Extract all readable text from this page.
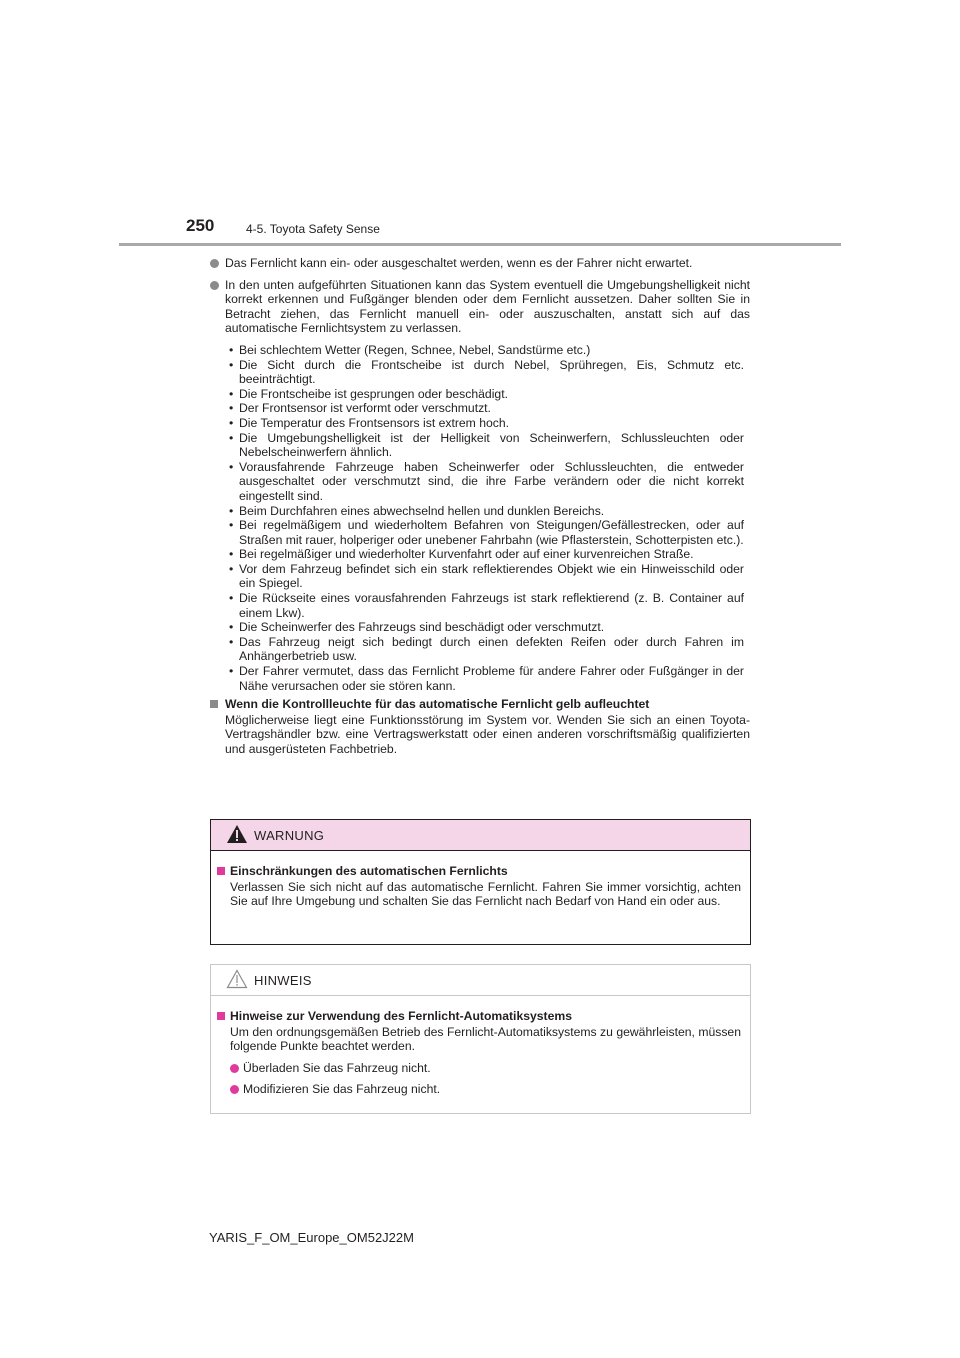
250	4-5. Toyota Safety Sense
Das Fernlicht kann ein- oder ausgeschaltet werden, wenn es der Fahrer nicht erwartet.
In den unten aufgeführten Situationen kann das System eventuell die Umgebungshelligkeit nicht korrekt erkennen und Fußgänger blenden oder dem Fernlicht aussetzen. Daher sollten Sie in Betracht ziehen, das Fernlicht manuell ein- oder auszuschalten, anstatt sich auf das automatische Fernlichtsystem zu verlassen.
• Bei schlechtem Wetter (Regen, Schnee, Nebel, Sandstürme etc.)
• Die Sicht durch die Frontscheibe ist durch Nebel, Sprühregen, Eis, Schmutz etc. beeinträchtigt.
• Die Frontscheibe ist gesprungen oder beschädigt.
• Der Frontsensor ist verformt oder verschmutzt.
• Die Temperatur des Frontsensors ist extrem hoch.
• Die Umgebungshelligkeit ist der Helligkeit von Scheinwerfern, Schlussleuchten oder Nebelscheinwerfern ähnlich.
• Vorausfahrende Fahrzeuge haben Scheinwerfer oder Schlussleuchten, die entweder ausgeschaltet oder verschmutzt sind, die ihre Farbe verändern oder die nicht korrekt eingestellt sind.
• Beim Durchfahren eines abwechselnd hellen und dunklen Bereichs.
• Bei regelmäßigem und wiederholtem Befahren von Steigungen/Gefällestrecken, oder auf Straßen mit rauer, holperiger oder unebener Fahrbahn (wie Pflasterstein, Schotterpisten etc.).
• Bei regelmäßiger und wiederholter Kurvenfahrt oder auf einer kurvenreichen Straße.
• Vor dem Fahrzeug befindet sich ein stark reflektierendes Objekt wie ein Hinweisschild oder ein Spiegel.
• Die Rückseite eines vorausfahrenden Fahrzeugs ist stark reflektierend (z. B. Container auf einem Lkw).
• Die Scheinwerfer des Fahrzeugs sind beschädigt oder verschmutzt.
• Das Fahrzeug neigt sich bedingt durch einen defekten Reifen oder durch Fahren im Anhängerbetrieb usw.
• Der Fahrer vermutet, dass das Fernlicht Probleme für andere Fahrer oder Fußgänger in der Nähe verursachen oder sie stören kann.
Wenn die Kontrollleuchte für das automatische Fernlicht gelb aufleuchtet
Möglicherweise liegt eine Funktionsstörung im System vor. Wenden Sie sich an einen Toyota-Vertragshändler bzw. eine Vertragswerkstatt oder einen anderen vorschriftsmäßig qualifizierten und ausgerüsteten Fachbetrieb.
WARNUNG
Einschränkungen des automatischen Fernlichts
Verlassen Sie sich nicht auf das automatische Fernlicht. Fahren Sie immer vorsichtig, achten Sie auf Ihre Umgebung und schalten Sie das Fernlicht nach Bedarf von Hand ein oder aus.
HINWEIS
Hinweise zur Verwendung des Fernlicht-Automatiksystems
Um den ordnungsgemäßen Betrieb des Fernlicht-Automatiksystems zu gewährleisten, müssen folgende Punkte beachtet werden.
Überladen Sie das Fahrzeug nicht.
Modifizieren Sie das Fahrzeug nicht.
YARIS_F_OM_Europe_OM52J22M
